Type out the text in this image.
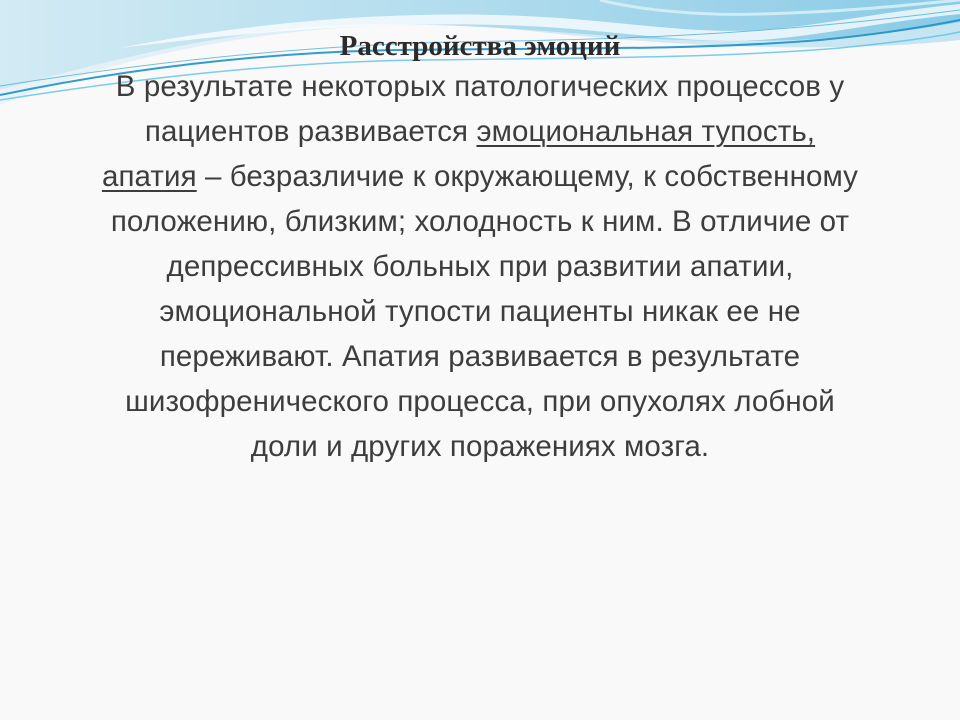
Расстройства эмоций

В результате некоторых патологических процессов у
пациентов развивается эмоциональная тупость,
апатия – безразличие к окружающему, к собственному
положению, близким; холодность к ним. В отличие от
депрессивных больных при развитии апатии,
эмоциональной тупости пациенты никак ее не
переживают. Апатия развивается в результате
шизофренического процесса, при опухолях лобной
доли и других поражениях мозга.
